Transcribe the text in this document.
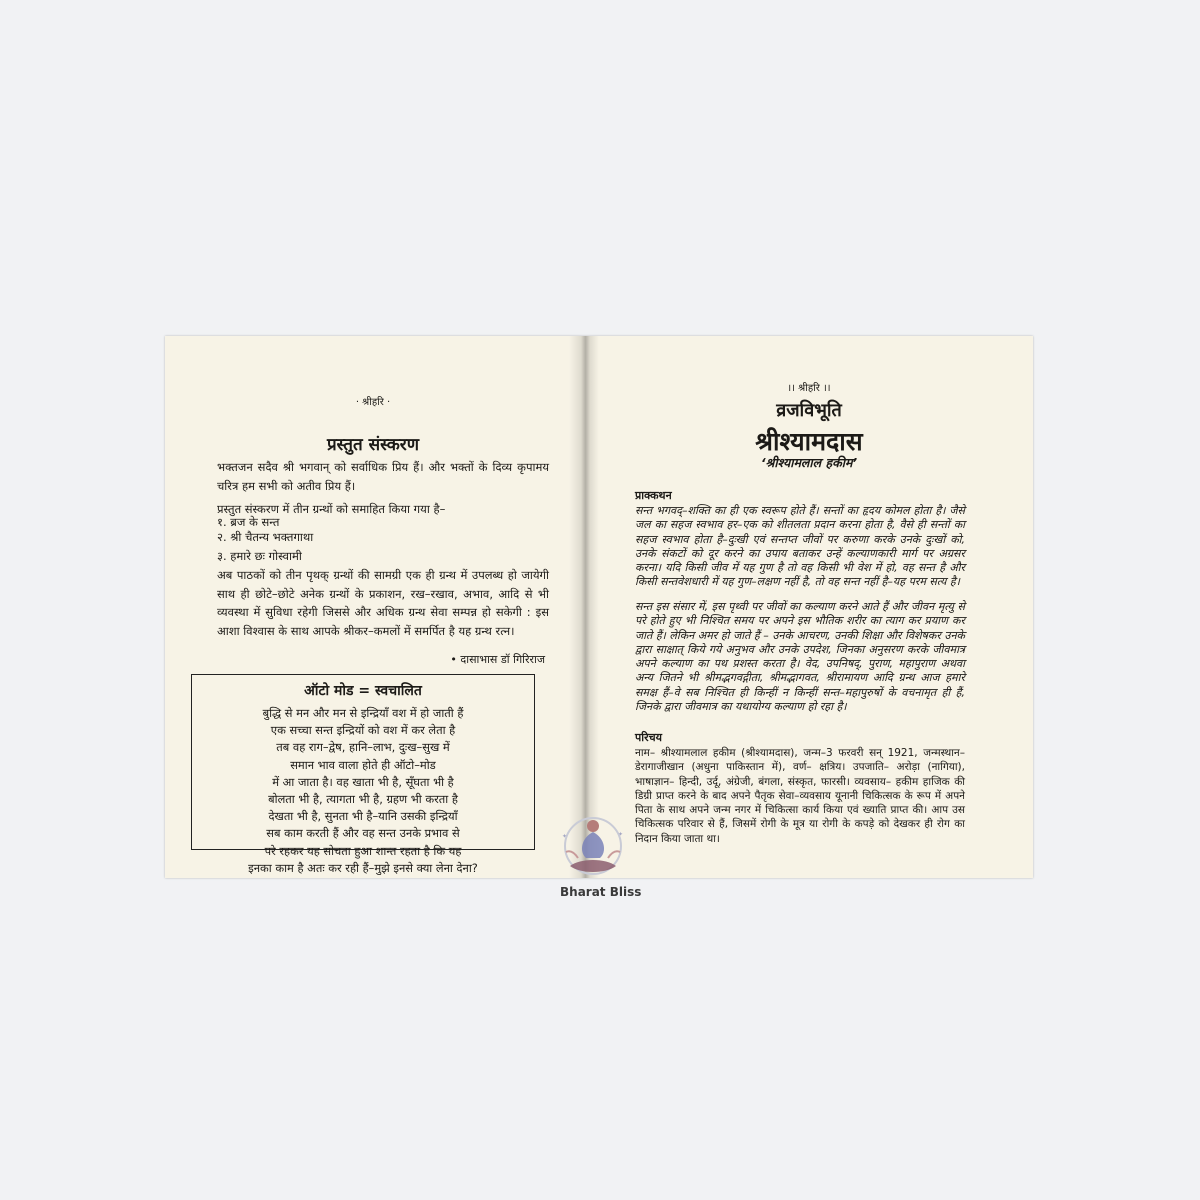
· श्रीहरि ·
प्रस्तुत संस्करण
भक्तजन सदैव श्री भगवान् को सर्वाधिक प्रिय हैं। और भक्तों के दिव्य कृपामय चरित्र हम सभी को अतीव प्रिय हैं।
प्रस्तुत संस्करण में तीन ग्रन्थों को समाहित किया गया है–
१. ब्रज के सन्त
२. श्री चैतन्य भक्तगाथा
३. हमारे छः गोस्वामी
अब पाठकों को तीन पृथक् ग्रन्थों की सामग्री एक ही ग्रन्थ में उपलब्ध हो जायेगी साथ ही छोटे–छोटे अनेक ग्रन्थों के प्रकाशन, रख–रखाव, अभाव, आदि से भी व्यवस्था में सुविधा रहेगी जिससे और अधिक ग्रन्थ सेवा सम्पन्न हो सकेगी : इस आशा विश्वास के साथ आपके श्रीकर–कमलों में समर्पित है यह ग्रन्थ रत्न।
• दासाभास डॉ गिरिराज
ऑटो मोड = स्वचालित
बुद्धि से मन और मन से इन्द्रियाँ वश में हो जाती हैं
एक सच्चा सन्त इन्द्रियों को वश में कर लेता है
तब वह राग–द्वेष, हानि–लाभ, दुःख–सुख में
समान भाव वाला होते ही ऑटो–मोड
में आ जाता है। वह खाता भी है, सूँघता भी है
बोलता भी है, त्यागता भी है, ग्रहण भी करता है
देखता भी है, सुनता भी है–यानि उसकी इन्द्रियाँ
सब काम करती हैं और वह सन्त उनके प्रभाव से
परे रहकर यह सोचता हुआ शान्त रहता है कि यह
इनका काम है अतः कर रही हैं–मुझे इनसे क्या लेना देना?
।। श्रीहरि ।।
व्रजविभूति
श्रीश्यामदास
‘श्रीश्यामलाल हकीम’
प्राक्कथन
सन्त भगवद्–शक्ति का ही एक स्वरूप होते हैं। सन्तों का हृदय कोमल होता है। जैसे जल का सहज स्वभाव हर–एक को शीतलता प्रदान करना होता है, वैसे ही सन्तों का सहज स्वभाव होता है–दुःखी एवं सन्तप्त जीवों पर करुणा करके उनके दुःखों को, उनके संकटों को दूर करने का उपाय बताकर उन्हें कल्याणकारी मार्ग पर अग्रसर करना। यदि किसी जीव में यह गुण है तो वह किसी भी वेश में हो, वह सन्त है और किसी सन्तवेशधारी में यह गुण–लक्षण नहीं है, तो वह सन्त नहीं है–यह परम सत्य है।
सन्त इस संसार में, इस पृथ्वी पर जीवों का कल्याण करने आते हैं और जीवन मृत्यु से परे होते हुए भी निश्चित समय पर अपने इस भौतिक शरीर का त्याग कर प्रयाण कर जाते हैं। लेकिन अमर हो जाते हैं – उनके आचरण, उनकी शिक्षा और विशेषकर उनके द्वारा साक्षात् किये गये अनुभव और उनके उपदेश, जिनका अनुसरण करके जीवमात्र अपने कल्याण का पथ प्रशस्त करता है। वेद, उपनिषद्, पुराण, महापुराण अथवा अन्य जितने भी श्रीमद्भगवद्गीता, श्रीमद्भागवत, श्रीरामायण आदि ग्रन्थ आज हमारे समक्ष हैं–वे सब निश्चित ही किन्हीं न किन्हीं सन्त–महापुरुषों के वचनामृत ही हैं, जिनके द्वारा जीवमात्र का यथायोग्य कल्याण हो रहा है।
परिचय
नाम– श्रीश्यामलाल हकीम (श्रीश्यामदास), जन्म–3 फरवरी सन् 1921, जन्मस्थान– डेरागाजीखान (अधुना पाकिस्तान में), वर्ण– क्षत्रिय। उपजाति– अरोड़ा (नागिया), भाषाज्ञान– हिन्दी, उर्दू, अंग्रेजी, बंगला, संस्कृत, फारसी। व्यवसाय– हकीम हाजिक की डिग्री प्राप्त करने के बाद अपने पैतृक सेवा–व्यवसाय यूनानी चिकित्सक के रूप में अपने पिता के साथ अपने जन्म नगर में चिकित्सा कार्य किया एवं ख्याति प्राप्त की। आप उस चिकित्सक परिवार से हैं, जिसमें रोगी के मूत्र या रोगी के कपड़े को देखकर ही रोग का निदान किया जाता था।
✦	✦
Bharat Bliss
